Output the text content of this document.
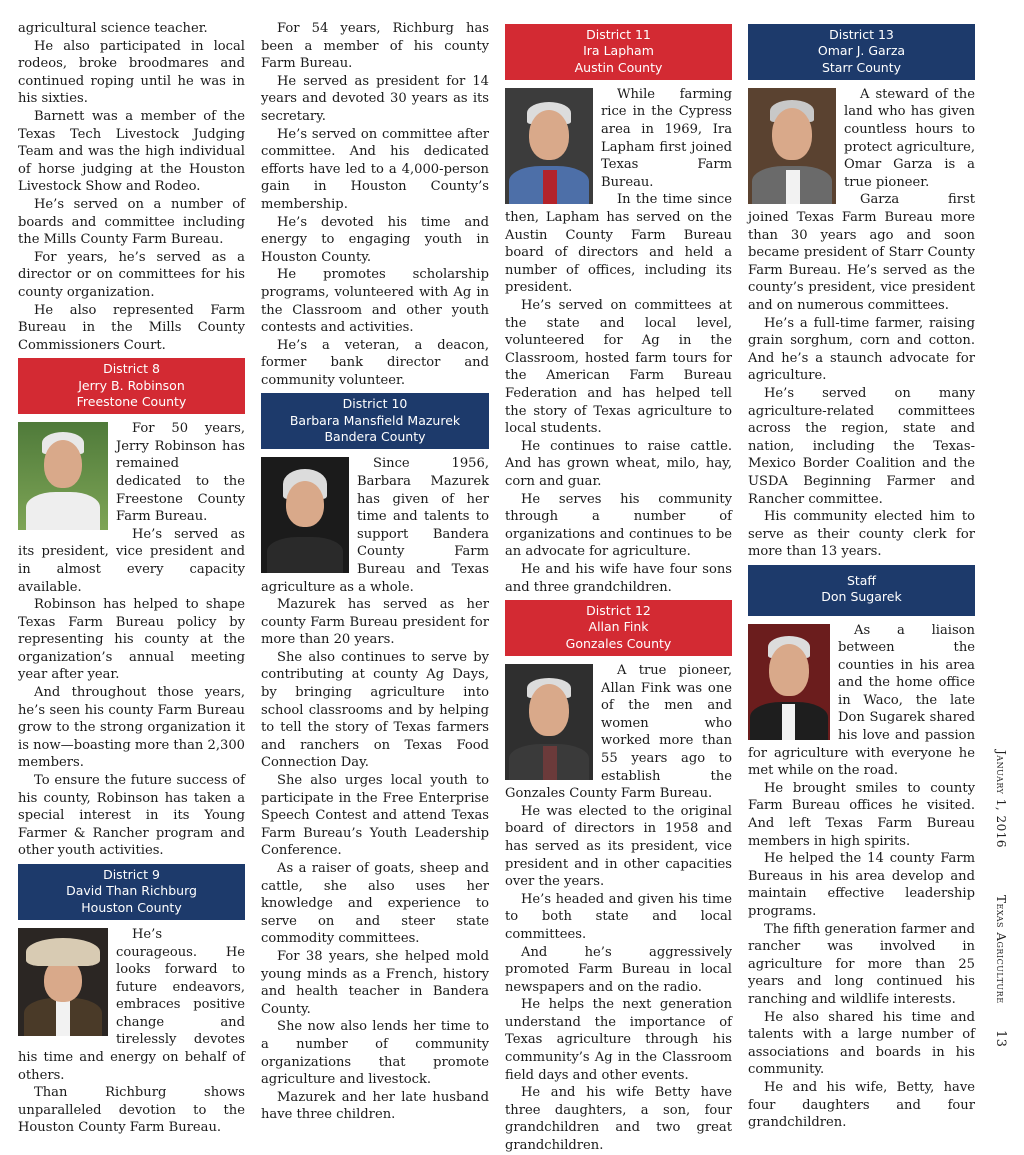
agricultural science teacher.

He also participated in local rodeos, broke broodmares and continued roping until he was in his sixties.

Barnett was a member of the Texas Tech Livestock Judging Team and was the high individual of horse judging at the Houston Livestock Show and Rodeo.

He’s served on a number of boards and committee including the Mills County Farm Bureau.

For years, he’s served as a director or on committees for his county organization.

He also represented Farm Bureau in the Mills County Commissioners Court.

District 8
Jerry B. Robinson
Freestone County

For 50 years, Jerry Robinson has remained dedicated to the Freestone County Farm Bureau.

He’s served as its president, vice president and in almost every capacity available.

Robinson has helped to shape Texas Farm Bureau policy by representing his county at the organization’s annual meeting year after year.

And throughout those years, he’s seen his county Farm Bureau grow to the strong organization it is now—boasting more than 2,300 members.

To ensure the future success of his county, Robinson has taken a special interest in its Young Farmer & Rancher program and other youth activities.

District 9
David Than Richburg
Houston County

He’s courageous. He looks forward to future endeavors, embraces positive change and tirelessly devotes his time and energy on behalf of others.

Than Richburg shows unparalleled devotion to the Houston County Farm Bureau.

For 54 years, Richburg has been a member of his county Farm Bureau.

He served as president for 14 years and devoted 30 years as its secretary.

He’s served on committee after committee. And his dedicated efforts have led to a 4,000-person gain in Houston County’s membership.

He’s devoted his time and energy to engaging youth in Houston County.

He promotes scholarship programs, volunteered with Ag in the Classroom and other youth contests and activities.

He’s a veteran, a deacon, former bank director and community volunteer.

District 10
Barbara Mansfield Mazurek
Bandera County

Since 1956, Barbara Mazurek has given of her time and talents to support Bandera County Farm Bureau and Texas agriculture as a whole.

Mazurek has served as her county Farm Bureau president for more than 20 years.

She also continues to serve by contributing at county Ag Days, by bringing agriculture into school classrooms and by helping to tell the story of Texas farmers and ranchers on Texas Food Connection Day.

She also urges local youth to participate in the Free Enterprise Speech Contest and attend Texas Farm Bureau’s Youth Leadership Conference.

As a raiser of goats, sheep and cattle, she also uses her knowledge and experience to serve on and steer state commodity committees.

For 38 years, she helped mold young minds as a French, history and health teacher in Bandera County.

She now also lends her time to a number of community organizations that promote agriculture and livestock.

Mazurek and her late husband have three children.

District 11
Ira Lapham
Austin County

While farming rice in the Cypress area in 1969, Ira Lapham first joined Texas Farm Bureau.

In the time since then, Lapham has served on the Austin County Farm Bureau board of directors and held a number of offices, including its president.

He’s served on committees at the state and local level, volunteered for Ag in the Classroom, hosted farm tours for the American Farm Bureau Federation and has helped tell the story of Texas agriculture to local students.

He continues to raise cattle. And has grown wheat, milo, hay, corn and guar.

He serves his community through a number of organizations and continues to be an advocate for agriculture.

He and his wife have four sons and three grandchildren.

District 12
Allan Fink
Gonzales County

A true pioneer, Allan Fink was one of the men and women who worked more than 55 years ago to establish the Gonzales County Farm Bureau.

He was elected to the original board of directors in 1958 and has served as its president, vice president and in other capacities over the years.

He’s headed and given his time to both state and local committees.

And he’s aggressively promoted Farm Bureau in local newspapers and on the radio.

He helps the next generation understand the importance of Texas agriculture through his community’s Ag in the Classroom field days and other events.

He and his wife Betty have three daughters, a son, four grandchildren and two great grandchildren.

District 13
Omar J. Garza
Starr County

A steward of the land who has given countless hours to protect agriculture, Omar Garza is a true pioneer.

Garza first joined Texas Farm Bureau more than 30 years ago and soon became president of Starr County Farm Bureau. He’s served as the county’s president, vice president and on numerous committees.

He’s a full-time farmer, raising grain sorghum, corn and cotton. And he’s a staunch advocate for agriculture.

He’s served on many agriculture-related committees across the region, state and nation, including the Texas-Mexico Border Coalition and the USDA Beginning Farmer and Rancher committee.

His community elected him to serve as their county clerk for more than 13 years.

Staff
Don Sugarek

As a liaison between the counties in his area and the home office in Waco, the late Don Sugarek shared his love and passion for agriculture with everyone he met while on the road.

He brought smiles to county Farm Bureau offices he visited. And left Texas Farm Bureau members in high spirits.

He helped the 14 county Farm Bureaus in his area develop and maintain effective leadership programs.

The fifth generation farmer and rancher was involved in agriculture for more than 25 years and long continued his ranching and wildlife interests.

He also shared his time and talents with a large number of associations and boards in his community.

He and his wife, Betty, have four daughters and four grandchildren.

January 1, 2016
Texas Agriculture
13
